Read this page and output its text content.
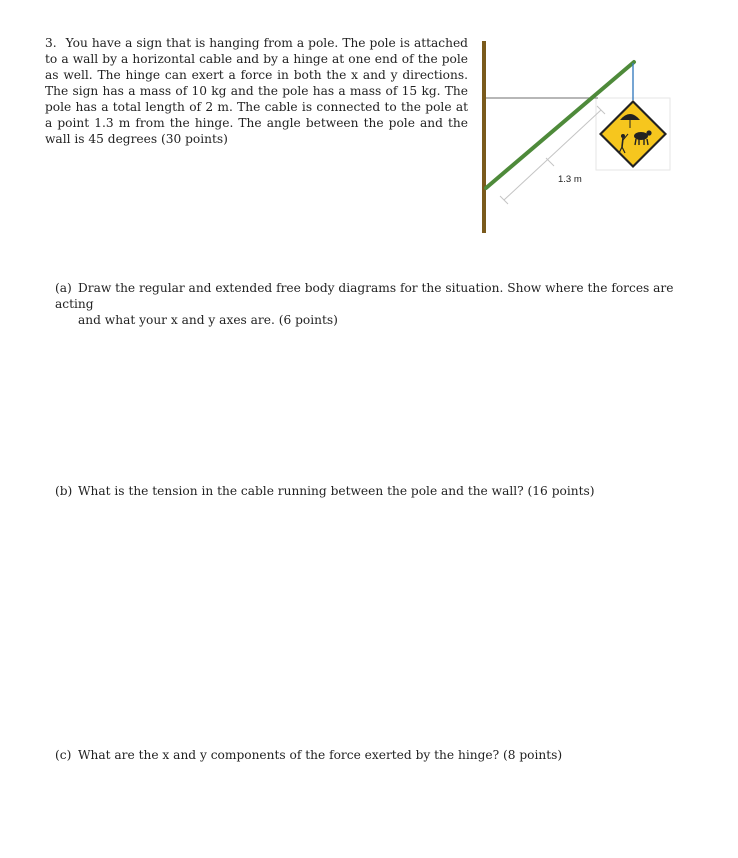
3. You have a sign that is hanging from a pole. The pole is attached to a wall by a horizontal cable and by a hinge at one end of the pole as well. The hinge can exert a force in both the x and y directions. The sign has a mass of 10 kg and the pole has a mass of 15 kg. The pole has a total length of 2 m. The cable is connected to the pole at a point 1.3 m from the hinge. The angle between the pole and the wall is 45 degrees (30 points)

1.3 m

(a) Draw the regular and extended free body diagrams for the situation. Show where the forces are acting
and what your x and y axes are. (6 points)

(b) What is the tension in the cable running between the pole and the wall? (16 points)

(c) What are the x and y components of the force exerted by the hinge? (8 points)
